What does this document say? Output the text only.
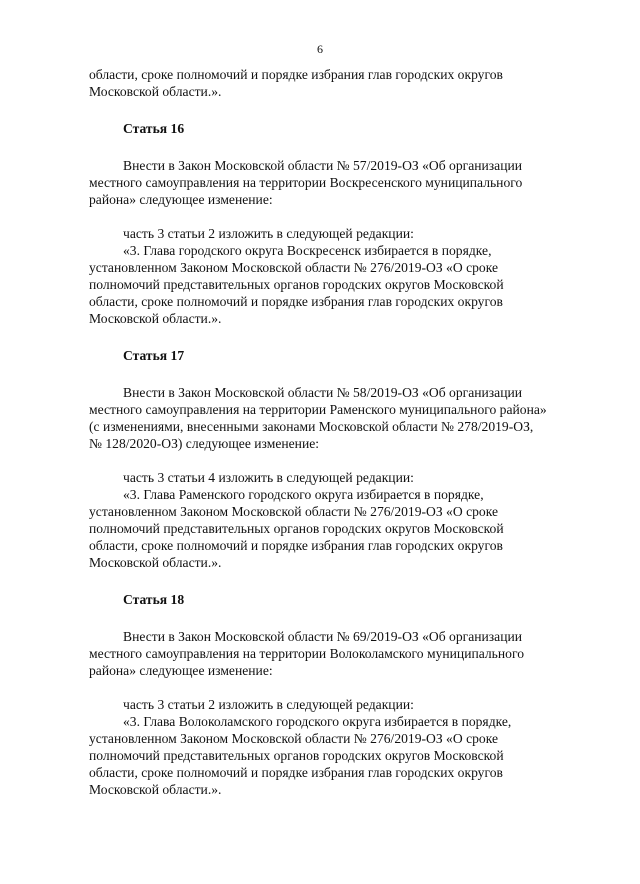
6

области, сроке полномочий и порядке избрания глав городских округов

Московской области.».

Статья 16

Внести в Закон Московской области № 57/2019-ОЗ «Об организации

местного самоуправления на территории Воскресенского муниципального

района» следующее изменение:

часть 3 статьи 2 изложить в следующей редакции:

«3. Глава городского округа Воскресенск избирается в порядке,

установленном Законом Московской области № 276/2019-ОЗ «О сроке

полномочий представительных органов городских округов Московской

области, сроке полномочий и порядке избрания глав городских округов

Московской области.».

Статья 17

Внести в Закон Московской области № 58/2019-ОЗ «Об организации

местного самоуправления на территории Раменского муниципального района»

(с изменениями, внесенными законами Московской области № 278/2019-ОЗ,

№ 128/2020-ОЗ) следующее изменение:

часть 3 статьи 4 изложить в следующей редакции:

«3. Глава Раменского городского округа избирается в порядке,

установленном Законом Московской области № 276/2019-ОЗ «О сроке

полномочий представительных органов городских округов Московской

области, сроке полномочий и порядке избрания глав городских округов

Московской области.».

Статья 18

Внести в Закон Московской области № 69/2019-ОЗ «Об организации

местного самоуправления на территории Волоколамского муниципального

района» следующее изменение:

часть 3 статьи 2 изложить в следующей редакции:

«3. Глава Волоколамского городского округа избирается в порядке,

установленном Законом Московской области № 276/2019-ОЗ «О сроке

полномочий представительных органов городских округов Московской

области, сроке полномочий и порядке избрания глав городских округов

Московской области.».
